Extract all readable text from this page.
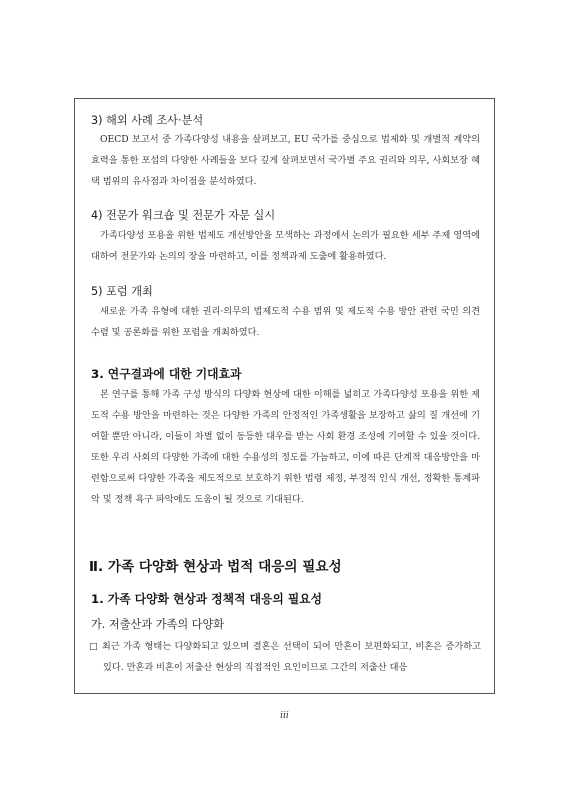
3) 해외 사례 조사·분석

OECD 보고서 중 가족다양성 내용을 살펴보고, EU 국가를 중심으로 법제화 및 개별적 계약의 효력을 통한 포섭의 다양한 사례들을 보다 깊게 살펴보면서 국가별 주요 권리와 의무, 사회보장 혜택 범위의 유사점과 차이점을 분석하였다.

4) 전문가 워크숍 및 전문가 자문 실시

가족다양성 포용을 위한 법제도 개선방안을 모색하는 과정에서 논의가 필요한 세부 주제 영역에 대하여 전문가와 논의의 장을 마련하고, 이를 정책과제 도출에 활용하였다.

5) 포럼 개최

새로운 가족 유형에 대한 권리·의무의 법제도적 수용 범위 및 제도적 수용 방안 관련 국민 의견수렴 및 공론화를 위한 포럼을 개최하였다.

3. 연구결과에 대한 기대효과

본 연구를 통해 가족 구성 방식의 다양화 현상에 대한 이해를 넓히고 가족다양성 포용을 위한 제도적 수용 방안을 마련하는 것은 다양한 가족의 안정적인 가족생활을 보장하고 삶의 질 개선에 기여할 뿐만 아니라, 이들이 차별 없이 동등한 대우를 받는 사회 환경 조성에 기여할 수 있을 것이다. 또한 우리 사회의 다양한 가족에 대한 수용성의 정도를 가늠하고, 이에 따른 단계적 대응방안을 마련함으로써 다양한 가족을 제도적으로 보호하기 위한 법령 제정, 부정적 인식 개선, 정확한 통계파악 및 정책 욕구 파악에도 도움이 될 것으로 기대된다.

Ⅱ. 가족 다양화 현상과 법적 대응의 필요성
1. 가족 다양화 현상과 정책적 대응의 필요성
가. 저출산과 가족의 다양화

□ 최근 가족 형태는 다양화되고 있으며 결혼은 선택이 되어 만혼이 보편화되고, 비혼은 증가하고 있다. 만혼과 비혼이 저출산 현상의 직접적인 요인이므로 그간의 저출산 대응

iii
